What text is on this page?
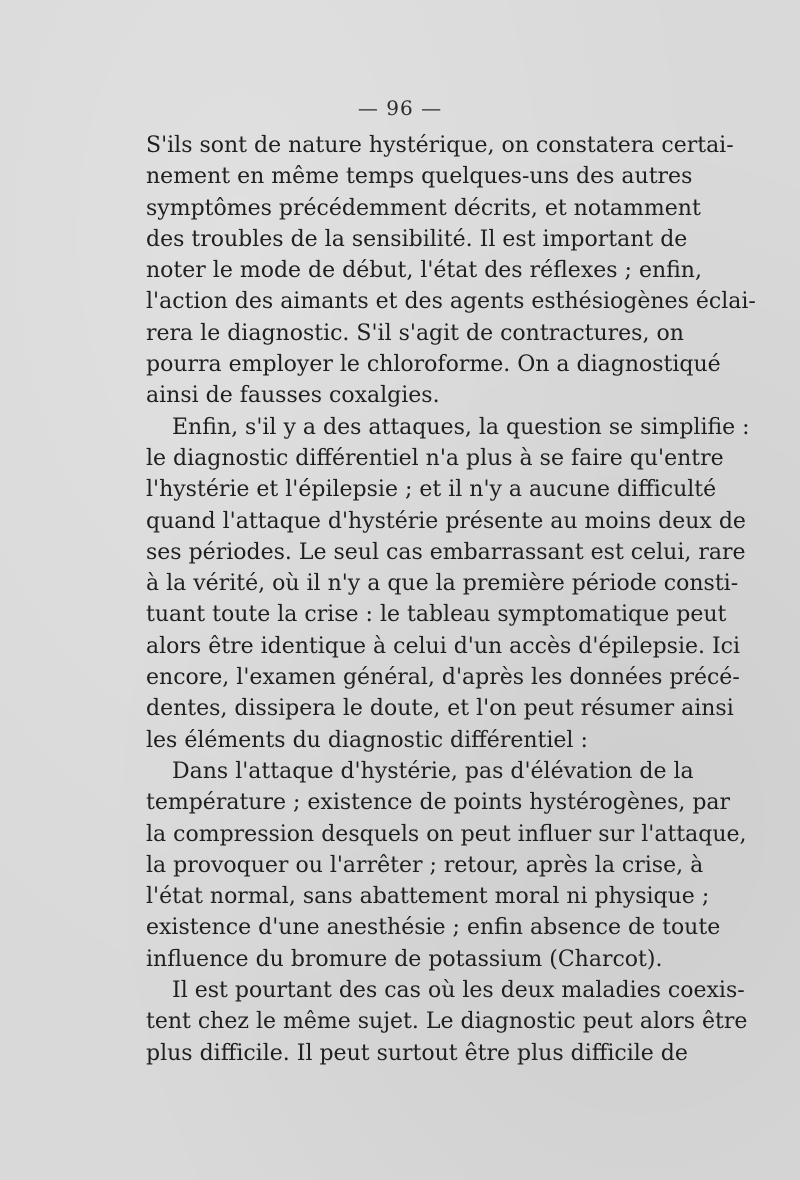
— 96 —
S'ils sont de nature hystérique, on constatera certai-
nement en même temps quelques-uns des autres
symptômes précédemment décrits, et notamment
des troubles de la sensibilité. Il est important de
noter le mode de début, l'état des réflexes ; enfin,
l'action des aimants et des agents esthésiogènes éclai-
rera le diagnostic. S'il s'agit de contractures, on
pourra employer le chloroforme. On a diagnostiqué
ainsi de fausses coxalgies.
Enfin, s'il y a des attaques, la question se simplifie :
le diagnostic différentiel n'a plus à se faire qu'entre
l'hystérie et l'épilepsie ; et il n'y a aucune difficulté
quand l'attaque d'hystérie présente au moins deux de
ses périodes. Le seul cas embarrassant est celui, rare
à la vérité, où il n'y a que la première période consti-
tuant toute la crise : le tableau symptomatique peut
alors être identique à celui d'un accès d'épilepsie. Ici
encore, l'examen général, d'après les données précé-
dentes, dissipera le doute, et l'on peut résumer ainsi
les éléments du diagnostic différentiel :
Dans l'attaque d'hystérie, pas d'élévation de la
température ; existence de points hystérogènes, par
la compression desquels on peut influer sur l'attaque,
la provoquer ou l'arrêter ; retour, après la crise, à
l'état normal, sans abattement moral ni physique ;
existence d'une anesthésie ; enfin absence de toute
influence du bromure de potassium (Charcot).
Il est pourtant des cas où les deux maladies coexis-
tent chez le même sujet. Le diagnostic peut alors être
plus difficile. Il peut surtout être plus difficile de
